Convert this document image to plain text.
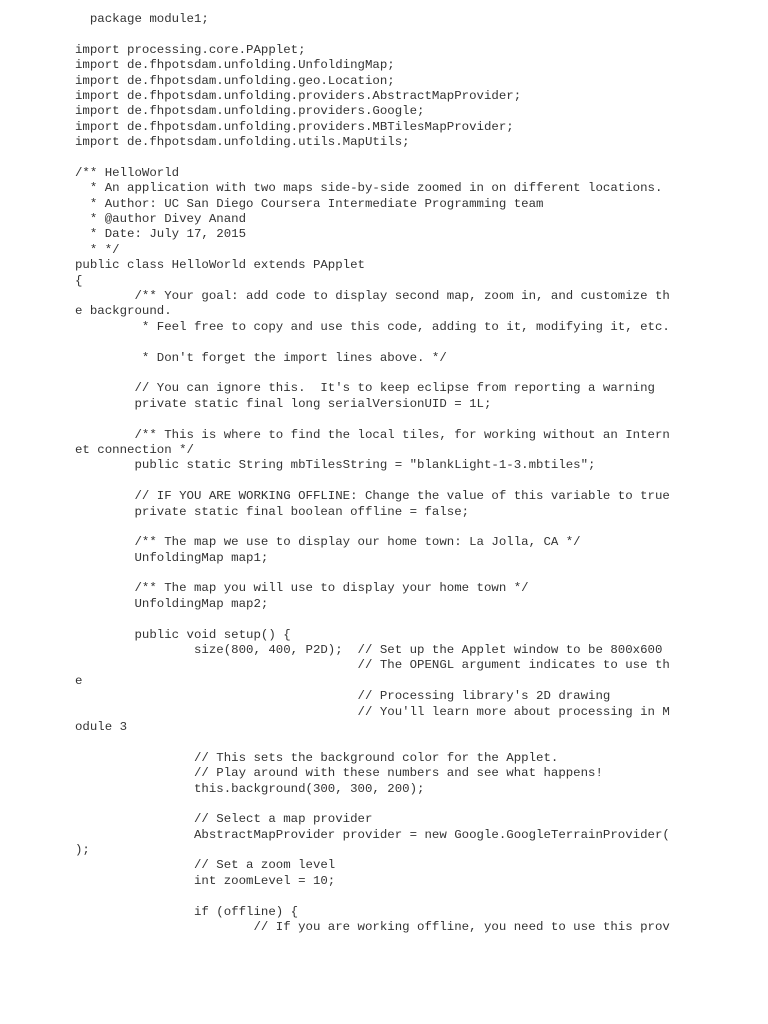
package module1;
import processing.core.PApplet;
import de.fhpotsdam.unfolding.UnfoldingMap;
import de.fhpotsdam.unfolding.geo.Location;
import de.fhpotsdam.unfolding.providers.AbstractMapProvider;
import de.fhpotsdam.unfolding.providers.Google;
import de.fhpotsdam.unfolding.providers.MBTilesMapProvider;
import de.fhpotsdam.unfolding.utils.MapUtils;
/** HelloWorld
* An application with two maps side-by-side zoomed in on different locations.
* Author: UC San Diego Coursera Intermediate Programming team
* @author Divey Anand
* Date: July 17, 2015
* */
public class HelloWorld extends PApplet
{
/** Your goal: add code to display second map, zoom in, and customize th
e background.
* Feel free to copy and use this code, adding to it, modifying it, etc.
* Don't forget the import lines above. */
// You can ignore this.  It's to keep eclipse from reporting a warning
private static final long serialVersionUID = 1L;
/** This is where to find the local tiles, for working without an Intern
et connection */
public static String mbTilesString = "blankLight-1-3.mbtiles";
// IF YOU ARE WORKING OFFLINE: Change the value of this variable to true
private static final boolean offline = false;
/** The map we use to display our home town: La Jolla, CA */
UnfoldingMap map1;
/** The map you will use to display your home town */
UnfoldingMap map2;
public void setup() {
size(800, 400, P2D);  // Set up the Applet window to be 800x600
// The OPENGL argument indicates to use th
e
// Processing library's 2D drawing
// You'll learn more about processing in M
odule 3
// This sets the background color for the Applet.
// Play around with these numbers and see what happens!
this.background(300, 300, 200);
// Select a map provider
AbstractMapProvider provider = new Google.GoogleTerrainProvider(
);
// Set a zoom level
int zoomLevel = 10;
if (offline) {
// If you are working offline, you need to use this prov
